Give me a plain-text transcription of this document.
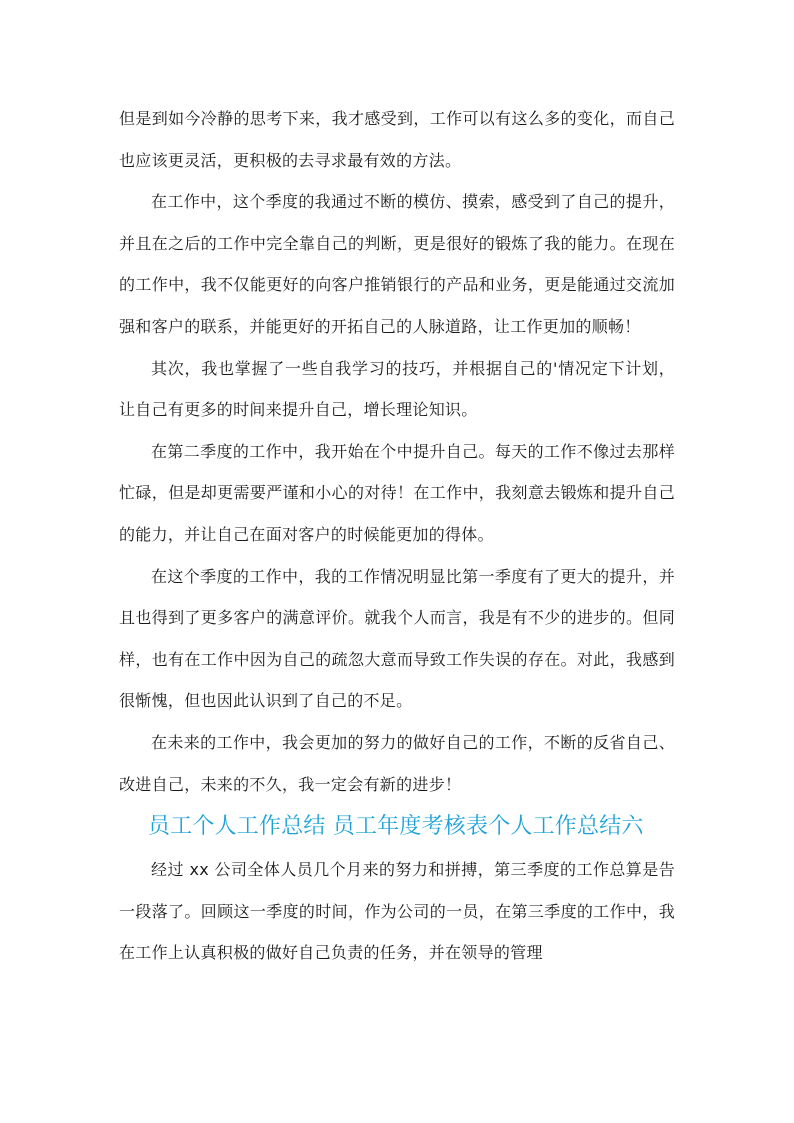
但是到如今冷静的思考下来，我才感受到，工作可以有这么多的变化，而自己也应该更灵活，更积极的去寻求最有效的方法。

在工作中，这个季度的我通过不断的模仿、摸索，感受到了自己的提升，并且在之后的工作中完全靠自己的判断，更是很好的锻炼了我的能力。在现在的工作中，我不仅能更好的向客户推销银行的产品和业务，更是能通过交流加强和客户的联系，并能更好的开拓自己的人脉道路，让工作更加的顺畅！

其次，我也掌握了一些自我学习的技巧，并根据自己的'情况定下计划，让自己有更多的时间来提升自己，增长理论知识。

在第二季度的工作中，我开始在个中提升自己。每天的工作不像过去那样忙碌，但是却更需要严谨和小心的对待！在工作中，我刻意去锻炼和提升自己的能力，并让自己在面对客户的时候能更加的得体。

在这个季度的工作中，我的工作情况明显比第一季度有了更大的提升，并且也得到了更多客户的满意评价。就我个人而言，我是有不少的进步的。但同样，也有在工作中因为自己的疏忽大意而导致工作失误的存在。对此，我感到很惭愧，但也因此认识到了自己的不足。

在未来的工作中，我会更加的努力的做好自己的工作，不断的反省自己、改进自己，未来的不久，我一定会有新的进步！

员工个人工作总结 员工年度考核表个人工作总结六

经过 xx 公司全体人员几个月来的努力和拼搏，第三季度的工作总算是告一段落了。回顾这一季度的时间，作为公司的一员，在第三季度的工作中，我在工作上认真积极的做好自己负责的任务，并在领导的管理
